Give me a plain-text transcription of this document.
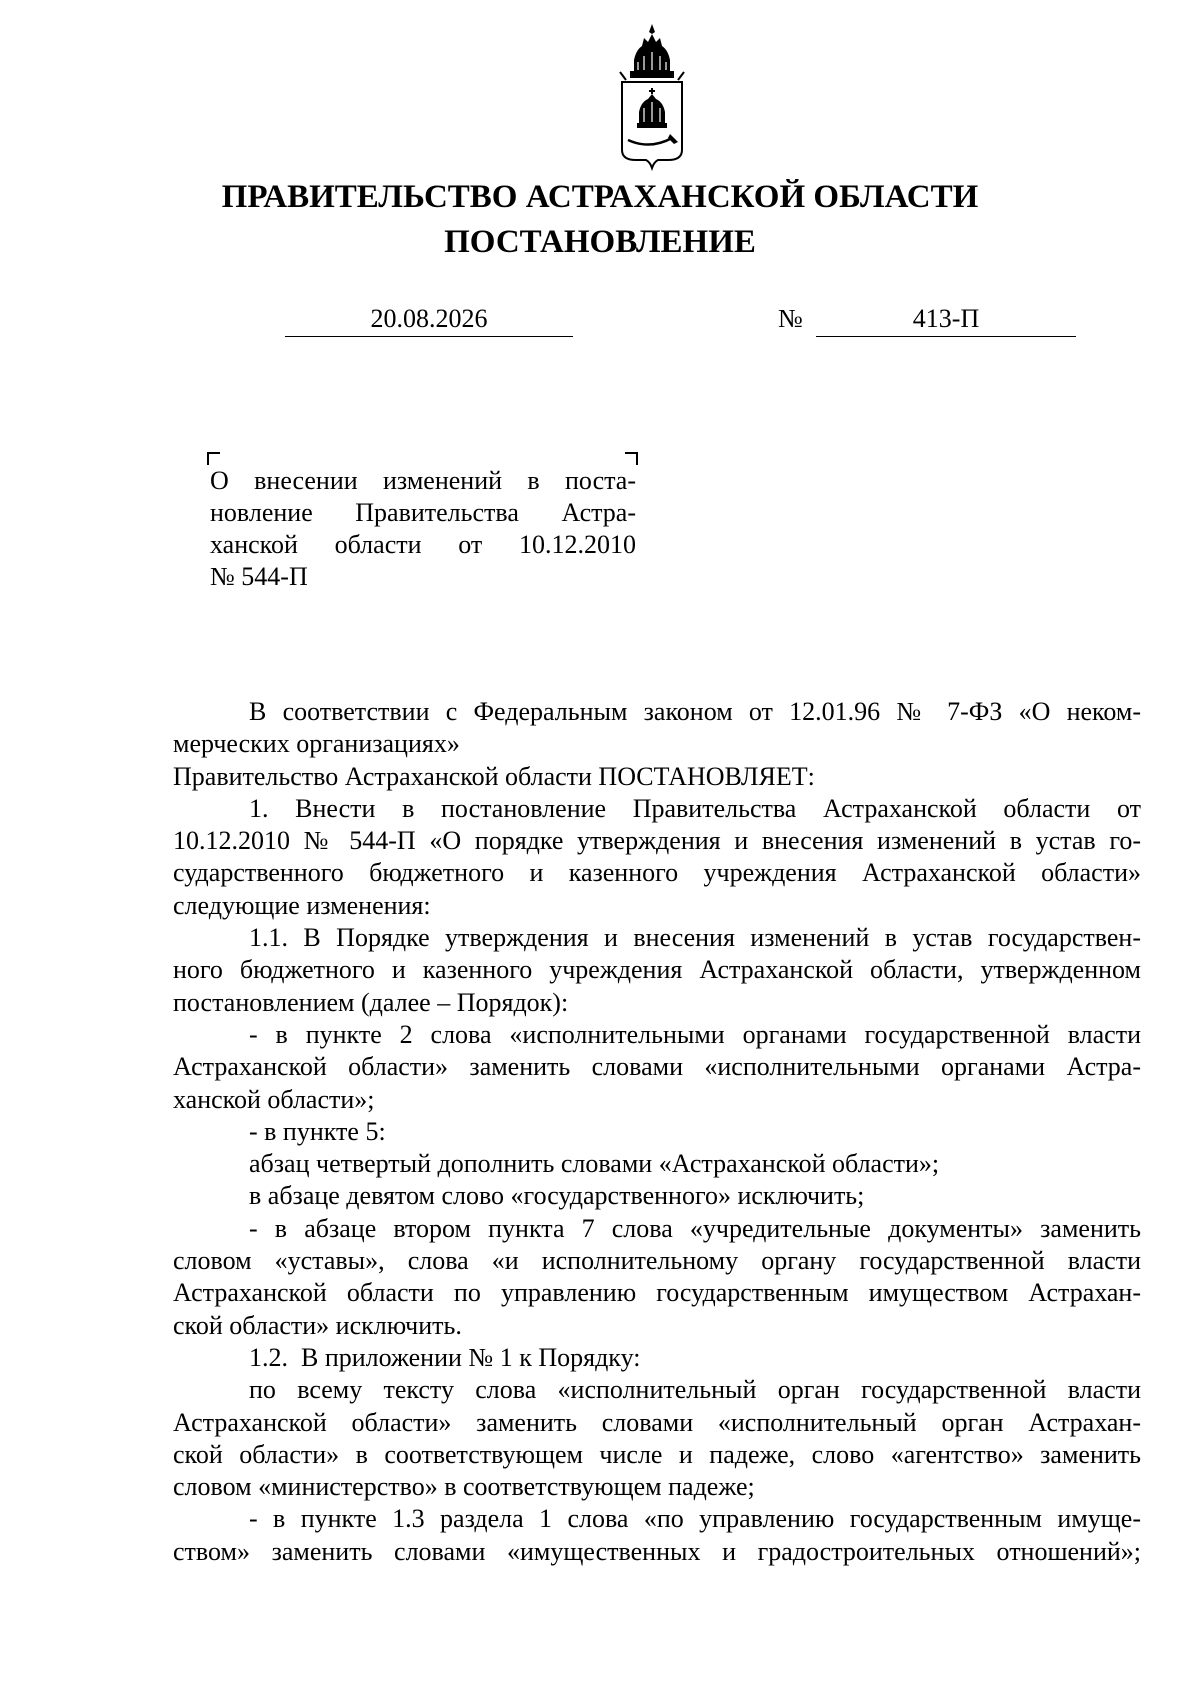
ПРАВИТЕЛЬСТВО АСТРАХАНСКОЙ ОБЛАСТИ
ПОСТАНОВЛЕНИЕ
20.08.2026	№	413-П
О внесении изменений в поста-
новление Правительства Астра-
ханской области от 10.12.2010
№ 544-П
В соответствии с Федеральным законом от 12.01.96 № 7-ФЗ «О неком-
мерческих организациях»
Правительство Астраханской области ПОСТАНОВЛЯЕТ:
1. Внести в постановление Правительства Астраханской области от
10.12.2010 № 544-П «О порядке утверждения и внесения изменений в устав го-
сударственного бюджетного и казенного учреждения Астраханской области»
следующие изменения:
1.1. В Порядке утверждения и внесения изменений в устав государствен-
ного бюджетного и казенного учреждения Астраханской области, утвержденном
постановлением (далее – Порядок):
- в пункте 2 слова «исполнительными органами государственной власти
Астраханской области» заменить словами «исполнительными органами Астра-
ханской области»;
- в пункте 5:
абзац четвертый дополнить словами «Астраханской области»;
в абзаце девятом слово «государственного» исключить;
- в абзаце втором пункта 7 слова «учредительные документы» заменить
словом «уставы», слова «и исполнительному органу государственной власти
Астраханской области по управлению государственным имуществом Астрахан-
ской области» исключить.
1.2.  В приложении № 1 к Порядку:
по всему тексту слова «исполнительный орган государственной власти
Астраханской области» заменить словами «исполнительный орган Астрахан-
ской области» в соответствующем числе и падеже, слово «агентство» заменить
словом «министерство» в соответствующем падеже;
- в пункте 1.3 раздела 1 слова «по управлению государственным имуще-
ством» заменить словами «имущественных и градостроительных отношений»;
